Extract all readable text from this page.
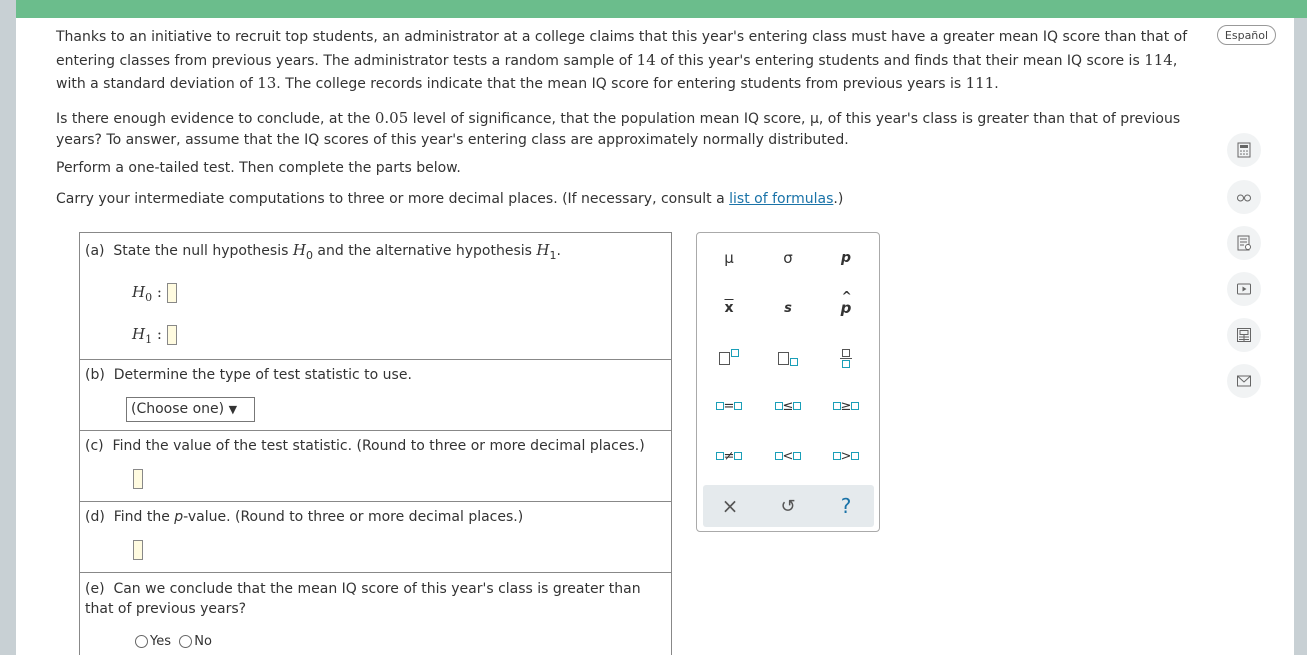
Thanks to an initiative to recruit top students, an administrator at a college claims that this year's entering class must have a greater mean IQ score than that of entering classes from previous years. The administrator tests a random sample of 14 of this year's entering students and finds that their mean IQ score is 114, with a standard deviation of 13. The college records indicate that the mean IQ score for entering students from previous years is 111.
Is there enough evidence to conclude, at the 0.05 level of significance, that the population mean IQ score, μ, of this year's class is greater than that of previous years? To answer, assume that the IQ scores of this year's entering class are approximately normally distributed.
Perform a one-tailed test. Then complete the parts below.
Carry your intermediate computations to three or more decimal places. (If necessary, consult a list of formulas.)
Español
(a) State the null hypothesis $H_0$ and the alternative hypothesis $H_1$.
$H_0$ :
$H_1$ :
(b) Determine the type of test statistic to use.
(Choose one) ▼
(c) Find the value of the test statistic. (Round to three or more decimal places.)
(d) Find the p-value. (Round to three or more decimal places.)
(e) Can we conclude that the mean IQ score of this year's class is greater than that of previous years?
Yes No
μ	σ	p
$\overline{x}$	s
^
p
=	≤	≥
≠	<	>
×	↺	?
